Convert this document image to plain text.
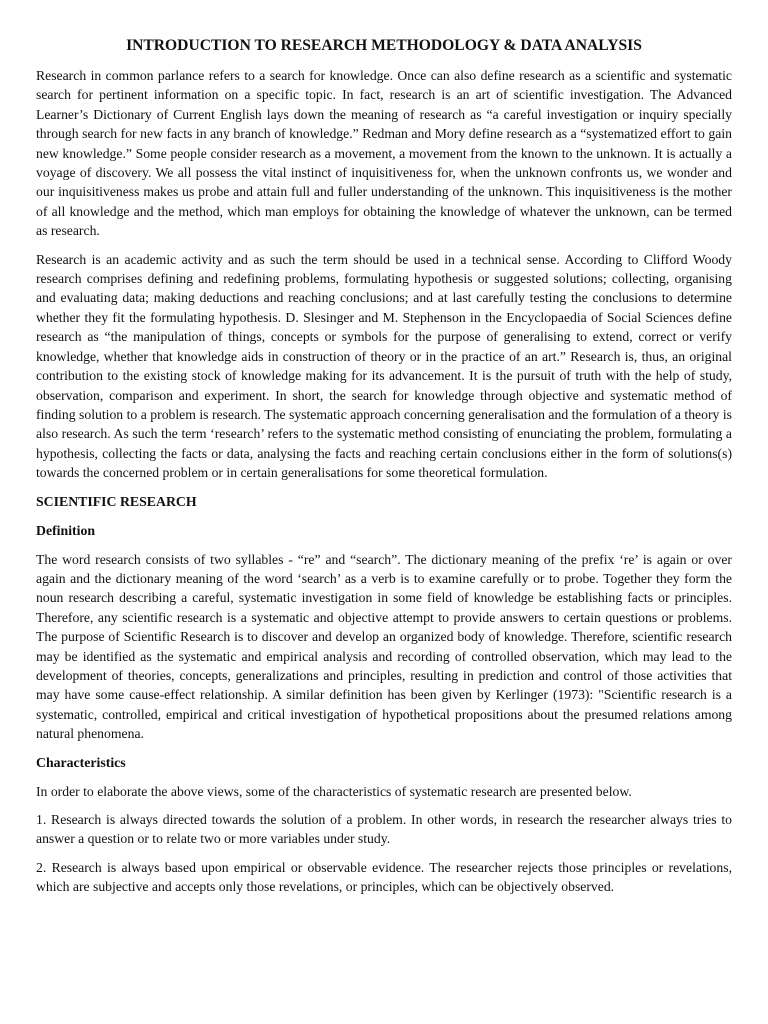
INTRODUCTION TO RESEARCH METHODOLOGY & DATA ANALYSIS

Research in common parlance refers to a search for knowledge. Once can also define research as a scientific and systematic search for pertinent information on a specific topic. In fact, research is an art of scientific investigation. The Advanced Learner’s Dictionary of Current English lays down the meaning of research as “a careful investigation or inquiry specially through search for new facts in any branch of knowledge.” Redman and Mory define research as a “systematized effort to gain new knowledge.” Some people consider research as a movement, a movement from the known to the unknown. It is actually a voyage of discovery. We all possess the vital instinct of inquisitiveness for, when the unknown confronts us, we wonder and our inquisitiveness makes us probe and attain full and fuller understanding of the unknown. This inquisitiveness is the mother of all knowledge and the method, which man employs for obtaining the knowledge of whatever the unknown, can be termed as research.

Research is an academic activity and as such the term should be used in a technical sense. According to Clifford Woody research comprises defining and redefining problems, formulating hypothesis or suggested solutions; collecting, organising and evaluating data; making deductions and reaching conclusions; and at last carefully testing the conclusions to determine whether they fit the formulating hypothesis. D. Slesinger and M. Stephenson in the Encyclopaedia of Social Sciences define research as “the manipulation of things, concepts or symbols for the purpose of generalising to extend, correct or verify knowledge, whether that knowledge aids in construction of theory or in the practice of an art.” Research is, thus, an original contribution to the existing stock of knowledge making for its advancement. It is the pursuit of truth with the help of study, observation, comparison and experiment. In short, the search for knowledge through objective and systematic method of finding solution to a problem is research. The systematic approach concerning generalisation and the formulation of a theory is also research. As such the term ‘research’ refers to the systematic method consisting of enunciating the problem, formulating a hypothesis, collecting the facts or data, analysing the facts and reaching certain conclusions either in the form of solutions(s) towards the concerned problem or in certain generalisations for some theoretical formulation.

SCIENTIFIC RESEARCH
Definition

The word research consists of two syllables - “re” and “search”. The dictionary meaning of the prefix ‘re’ is again or over again and the dictionary meaning of the word ‘search’ as a verb is to examine carefully or to probe. Together they form the noun research describing a careful, systematic investigation in some field of knowledge be establishing facts or principles. Therefore, any scientific research is a systematic and objective attempt to provide answers to certain questions or problems. The purpose of Scientific Research is to discover and develop an organized body of knowledge. Therefore, scientific research may be identified as the systematic and empirical analysis and recording of controlled observation, which may lead to the development of theories, concepts, generalizations and principles, resulting in prediction and control of those activities that may have some cause-effect relationship. A similar definition has been given by Kerlinger (1973): "Scientific research is a systematic, controlled, empirical and critical investigation of hypothetical propositions about the presumed relations among natural phenomena.

Characteristics

In order to elaborate the above views, some of the characteristics of systematic research are presented below.

1. Research is always directed towards the solution of a problem. In other words, in research the researcher always tries to answer a question or to relate two or more variables under study.

2. Research is always based upon empirical or observable evidence. The researcher rejects those principles or revelations, which are subjective and accepts only those revelations, or principles, which can be objectively observed.
